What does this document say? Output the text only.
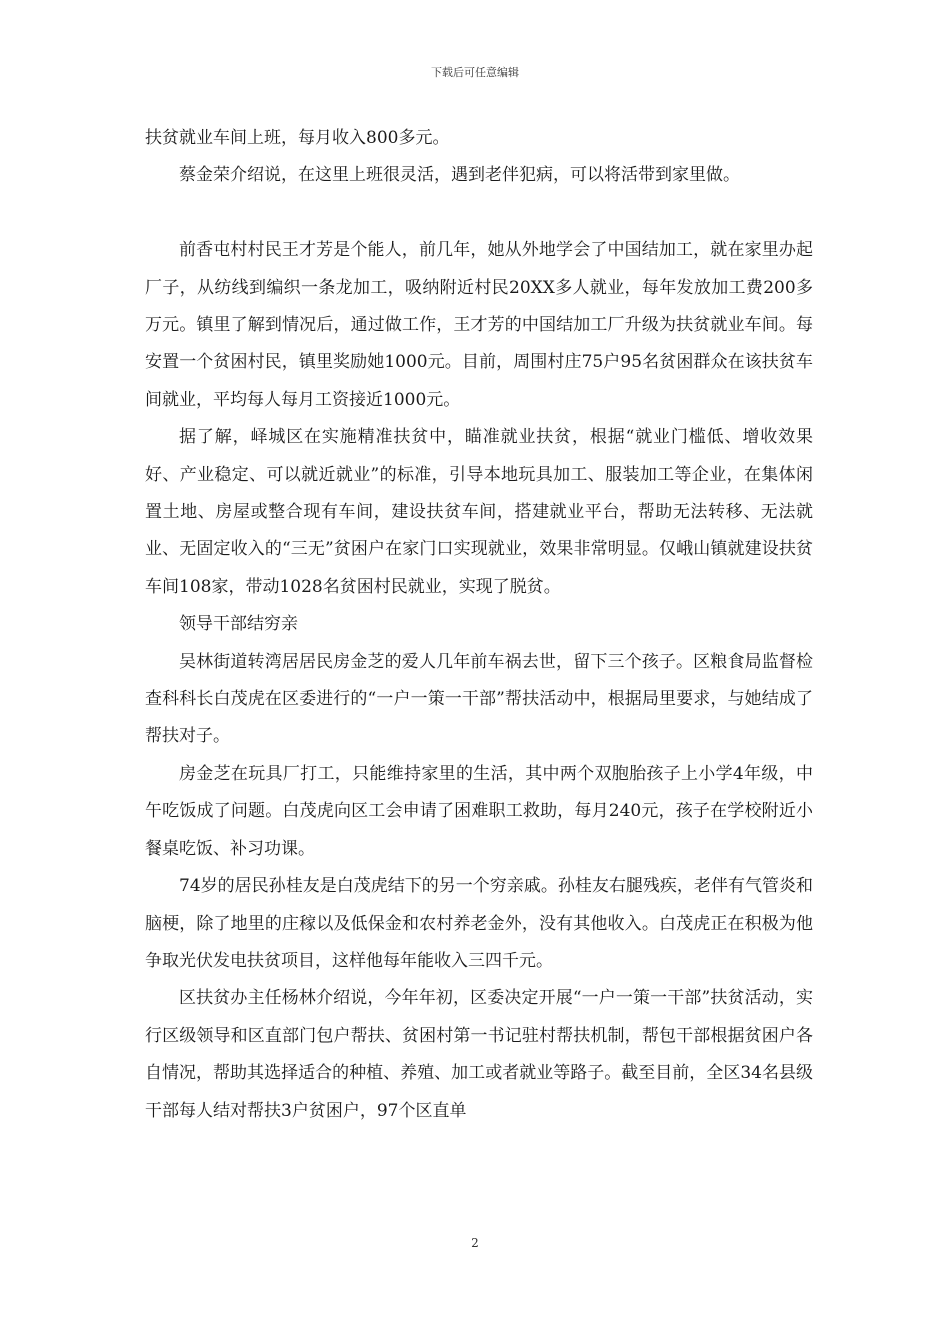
下载后可任意编辑

扶贫就业车间上班，每月收入800多元。

蔡金荣介绍说，在这里上班很灵活，遇到老伴犯病，可以将活带到家里做。

前香屯村村民王才芳是个能人，前几年，她从外地学会了中国结加工，就在家里办起厂子，从纺线到编织一条龙加工，吸纳附近村民20XX多人就业，每年发放加工费200多万元。镇里了解到情况后，通过做工作，王才芳的中国结加工厂升级为扶贫就业车间。每安置一个贫困村民，镇里奖励她1000元。目前，周围村庄75户95名贫困群众在该扶贫车间就业，平均每人每月工资接近1000元。

据了解，峄城区在实施精准扶贫中，瞄准就业扶贫，根据“就业门槛低、增收效果好、产业稳定、可以就近就业”的标准，引导本地玩具加工、服装加工等企业，在集体闲置土地、房屋或整合现有车间，建设扶贫车间，搭建就业平台，帮助无法转移、无法就业、无固定收入的“三无”贫困户在家门口实现就业，效果非常明显。仅峨山镇就建设扶贫车间108家，带动1028名贫困村民就业，实现了脱贫。

领导干部结穷亲

吴林街道转湾居居民房金芝的爱人几年前车祸去世，留下三个孩子。区粮食局监督检查科科长白茂虎在区委进行的“一户一策一干部”帮扶活动中，根据局里要求，与她结成了帮扶对子。

房金芝在玩具厂打工，只能维持家里的生活，其中两个双胞胎孩子上小学4年级，中午吃饭成了问题。白茂虎向区工会申请了困难职工救助，每月240元，孩子在学校附近小餐桌吃饭、补习功课。

74岁的居民孙桂友是白茂虎结下的另一个穷亲戚。孙桂友右腿残疾，老伴有气管炎和脑梗，除了地里的庄稼以及低保金和农村养老金外，没有其他收入。白茂虎正在积极为他争取光伏发电扶贫项目，这样他每年能收入三四千元。

区扶贫办主任杨林介绍说，今年年初，区委决定开展“一户一策一干部”扶贫活动，实行区级领导和区直部门包户帮扶、贫困村第一书记驻村帮扶机制，帮包干部根据贫困户各自情况，帮助其选择适合的种植、养殖、加工或者就业等路子。截至目前，全区34名县级干部每人结对帮扶3户贫困户，97个区直单

2
